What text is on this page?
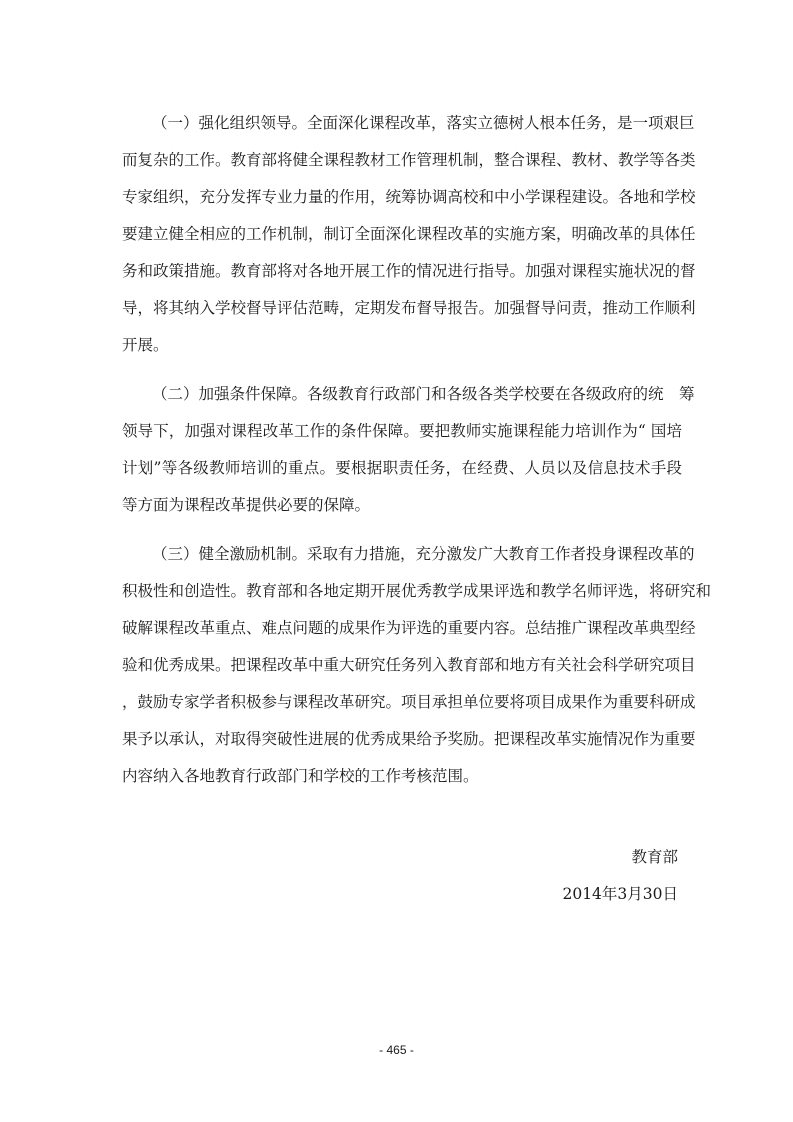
（一）强化组织领导。全面深化课程改革，落实立德树人根本任务，是一项艰巨
而复杂的工作。教育部将健全课程教材工作管理机制，整合课程、教材、教学等各类
专家组织，充分发挥专业力量的作用，统筹协调高校和中小学课程建设。各地和学校
要建立健全相应的工作机制，制订全面深化课程改革的实施方案，明确改革的具体任
务和政策措施。教育部将对各地开展工作的情况进行指导。加强对课程实施状况的督
导，将其纳入学校督导评估范畴，定期发布督导报告。加强督导问责，推动工作顺利
开展。
（二）加强条件保障。各级教育行政部门和各级各类学校要在各级政府的统　筹
领导下，加强对课程改革工作的条件保障。要把教师实施课程能力培训作为“ 国培
计划”等各级教师培训的重点。要根据职责任务，在经费、人员以及信息技术手段
等方面为课程改革提供必要的保障。
（三）健全激励机制。采取有力措施，充分激发广大教育工作者投身课程改革的
积极性和创造性。教育部和各地定期开展优秀教学成果评选和教学名师评选，将研究和
破解课程改革重点、难点问题的成果作为评选的重要内容。总结推广课程改革典型经
验和优秀成果。把课程改革中重大研究任务列入教育部和地方有关社会科学研究项目
，鼓励专家学者积极参与课程改革研究。项目承担单位要将项目成果作为重要科研成
果予以承认，对取得突破性进展的优秀成果给予奖励。把课程改革实施情况作为重要
内容纳入各地教育行政部门和学校的工作考核范围。
教育部
2014年3月30日
- 465 -
